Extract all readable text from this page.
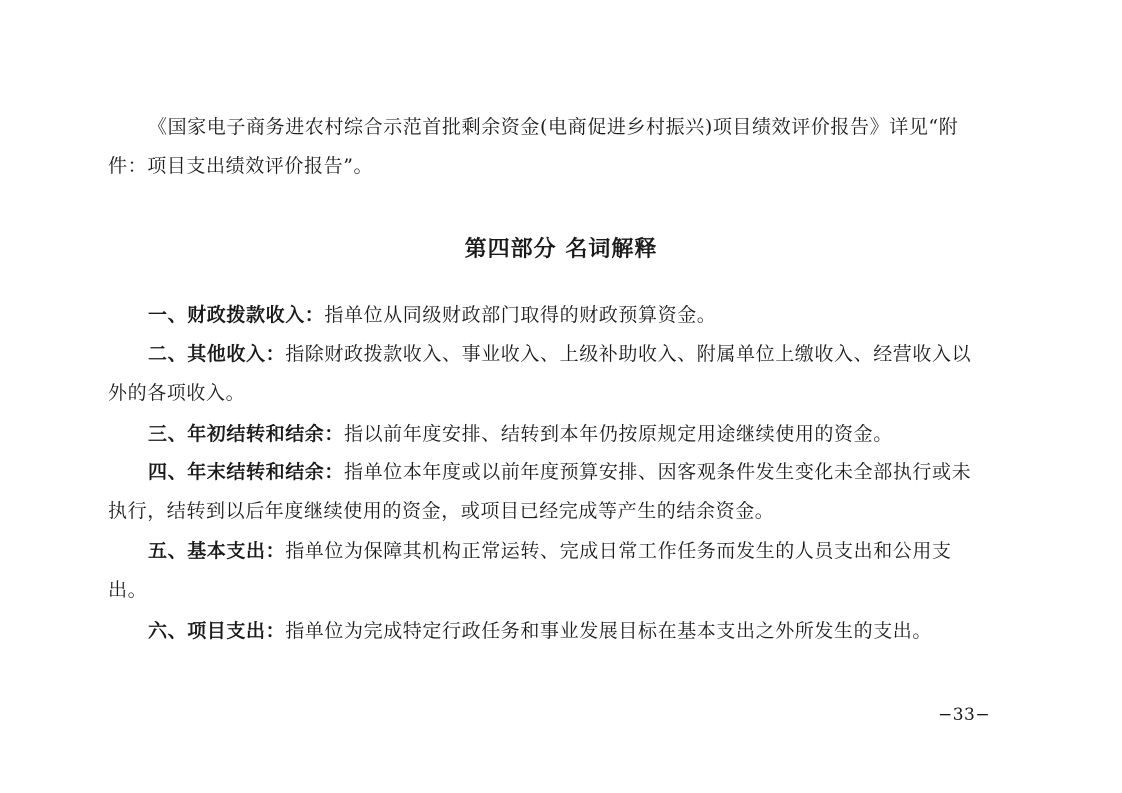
《国家电子商务进农村综合示范首批剩余资金(电商促进乡村振兴)项目绩效评价报告》详见“附件：项目支出绩效评价报告”。

第四部分 名词解释

一、财政拨款收入：指单位从同级财政部门取得的财政预算资金。

二、其他收入：指除财政拨款收入、事业收入、上级补助收入、附属单位上缴收入、经营收入以外的各项收入。

三、年初结转和结余：指以前年度安排、结转到本年仍按原规定用途继续使用的资金。

四、年末结转和结余：指单位本年度或以前年度预算安排、因客观条件发生变化未全部执行或未执行，结转到以后年度继续使用的资金，或项目已经完成等产生的结余资金。

五、基本支出：指单位为保障其机构正常运转、完成日常工作任务而发生的人员支出和公用支出。

六、项目支出：指单位为完成特定行政任务和事业发展目标在基本支出之外所发生的支出。

−33−
